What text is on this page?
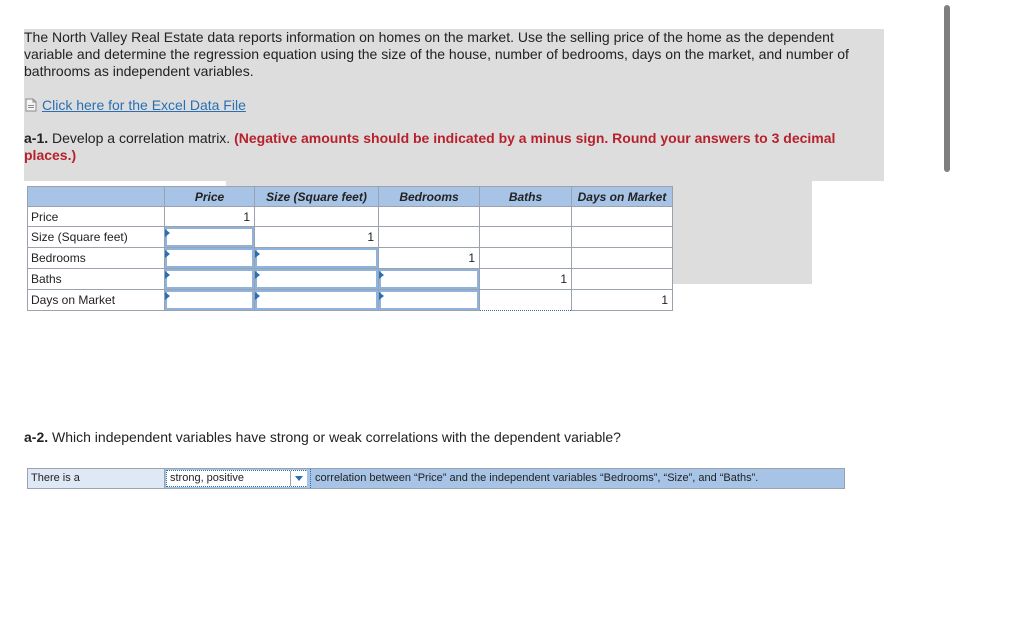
The North Valley Real Estate data reports information on homes on the market. Use the selling price of the home as the dependent variable and determine the regression equation using the size of the house, number of bedrooms, days on the market, and number of bathrooms as independent variables.
Click here for the Excel Data File
a-1. Develop a correlation matrix. (Negative amounts should be indicated by a minus sign. Round your answers to 3 decimal places.)
	Price	Size (Square feet)	Bedrooms	Baths	Days on Market
Price	1				
Size (Square feet)		1			
Bedrooms			1		
Baths				1	
Days on Market					1
a-2. Which independent variables have strong or weak correlations with the dependent variable?
There is a	strong, positive	correlation between “Price” and the independent variables “Bedrooms”, “Size”, and “Baths”.
